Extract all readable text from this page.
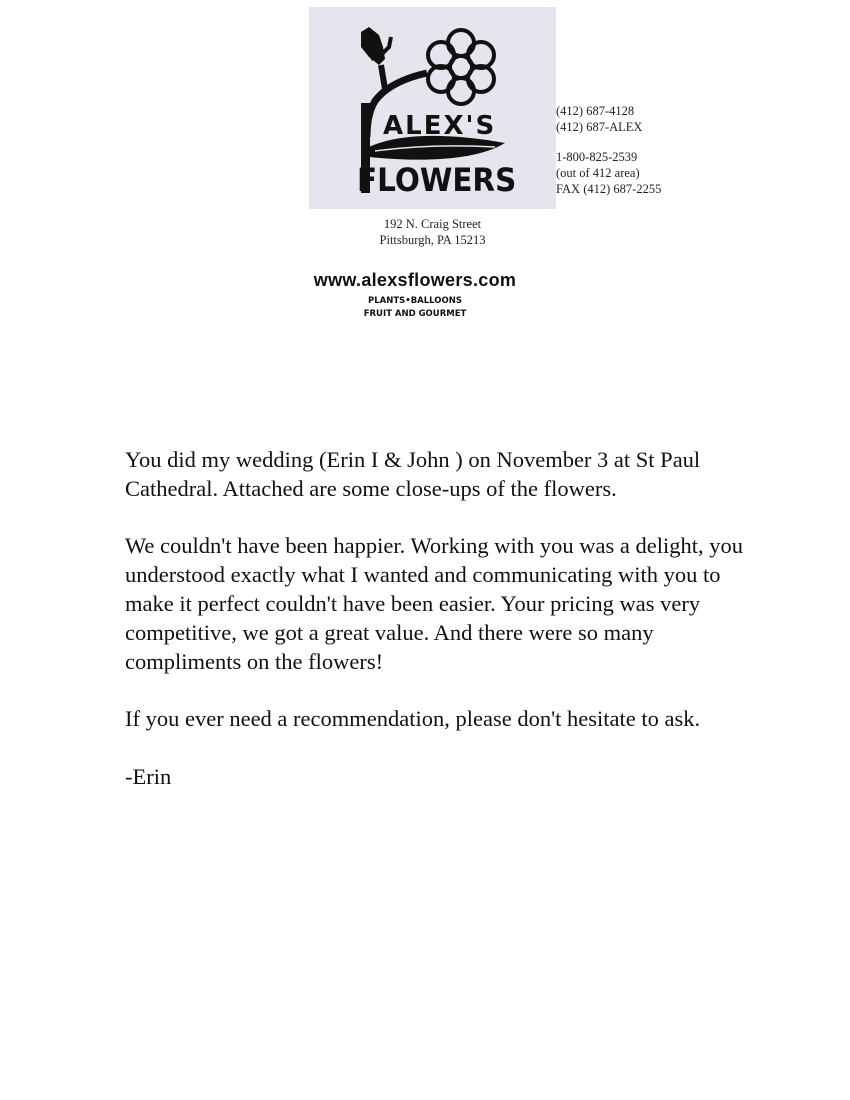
ALEX'S
FLOWERS
(412) 687-4128
(412) 687-ALEX
1-800-825-2539
(out of 412 area)
FAX (412) 687-2255
192 N. Craig Street
Pittsburgh, PA 15213
www.alexsflowers.com
PLANTS•BALLOONS
FRUIT AND GOURMET

You did my wedding (Erin I & John ) on November 3 at St Paul Cathedral. Attached are some close-ups of the flowers.

We couldn't have been happier. Working with you was a delight, you understood exactly what I wanted and communicating with you to make it perfect couldn't have been easier. Your pricing was very competitive, we got a great value. And there were so many compliments on the flowers!

If you ever need a recommendation, please don't hesitate to ask.

-Erin
